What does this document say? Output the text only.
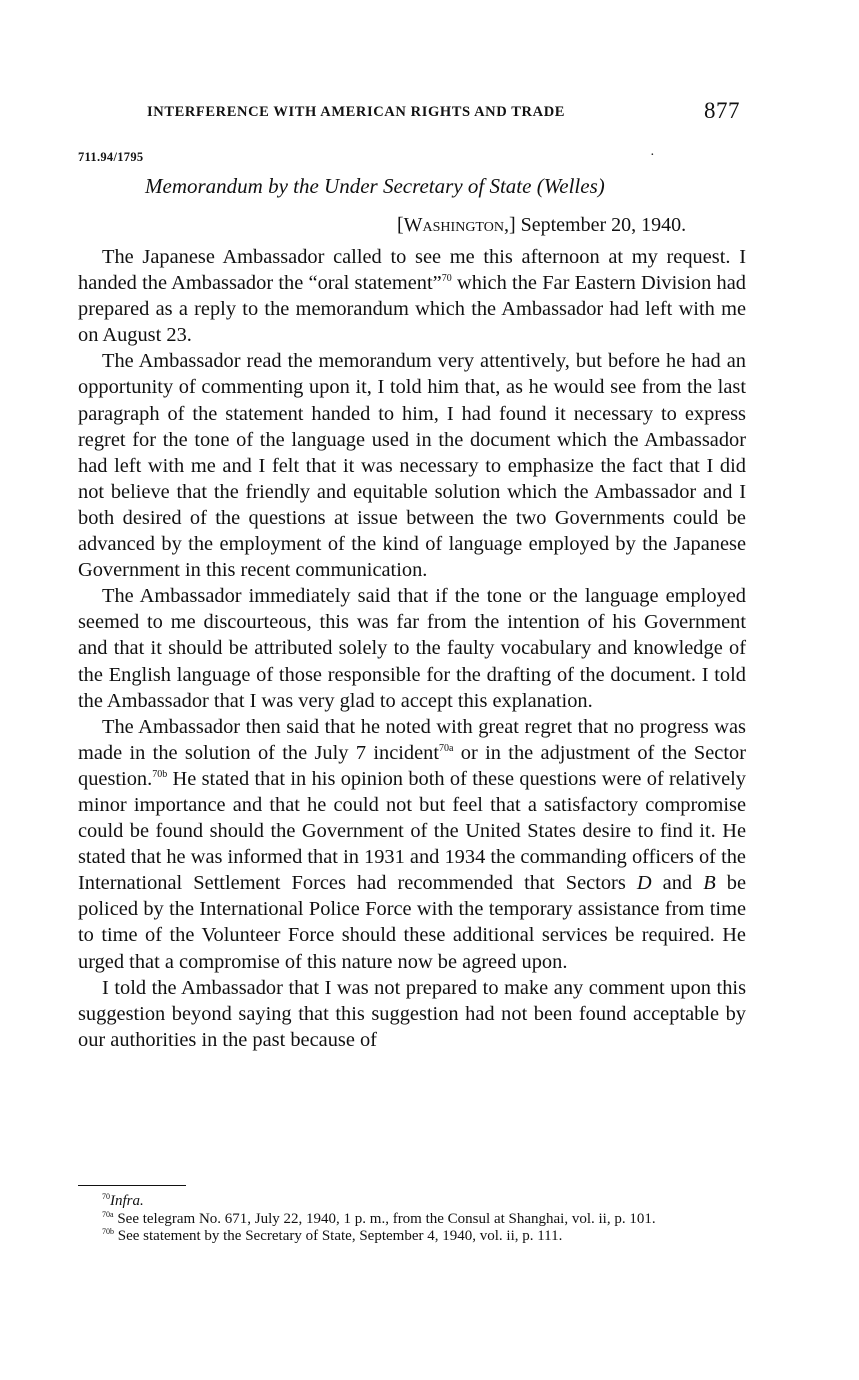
INTERFERENCE WITH AMERICAN RIGHTS AND TRADE	877
711.94/1795	·
Memorandum by the Under Secretary of State (Welles)
[Washington,] September 20, 1940.

The Japanese Ambassador called to see me this afternoon at my request. I handed the Ambassador the “oral statement”$^{70}$ which the Far Eastern Division had prepared as a reply to the memorandum which the Ambassador had left with me on August 23.

The Ambassador read the memorandum very attentively, but before he had an opportunity of commenting upon it, I told him that, as he would see from the last paragraph of the statement handed to him, I had found it necessary to express regret for the tone of the language used in the document which the Ambassador had left with me and I felt that it was necessary to emphasize the fact that I did not believe that the friendly and equitable solution which the Ambassador and I both desired of the questions at issue between the two Governments could be advanced by the employment of the kind of language employed by the Japanese Government in this recent communication.

The Ambassador immediately said that if the tone or the language employed seemed to me discourteous, this was far from the intention of his Government and that it should be attributed solely to the faulty vocabulary and knowledge of the English language of those responsible for the drafting of the document. I told the Ambassador that I was very glad to accept this explanation.

The Ambassador then said that he noted with great regret that no progress was made in the solution of the July 7 incident$^{70a}$ or in the adjustment of the Sector question.$^{70b}$ He stated that in his opinion both of these questions were of relatively minor importance and that he could not but feel that a satisfactory compromise could be found should the Government of the United States desire to find it. He stated that he was informed that in 1931 and 1934 the commanding officers of the International Settlement Forces had recommended that Sectors D and B be policed by the International Police Force with the temporary assistance from time to time of the Volunteer Force should these additional services be required. He urged that a compromise of this nature now be agreed upon.

I told the Ambassador that I was not prepared to make any comment upon this suggestion beyond saying that this suggestion had not been found acceptable by our authorities in the past because of

$^{70}$Infra.

$^{70a}$ See telegram No. 671, July 22, 1940, 1 p. m., from the Consul at Shanghai, vol. ii, p. 101.

$^{70b}$ See statement by the Secretary of State, September 4, 1940, vol. ii, p. 111.
